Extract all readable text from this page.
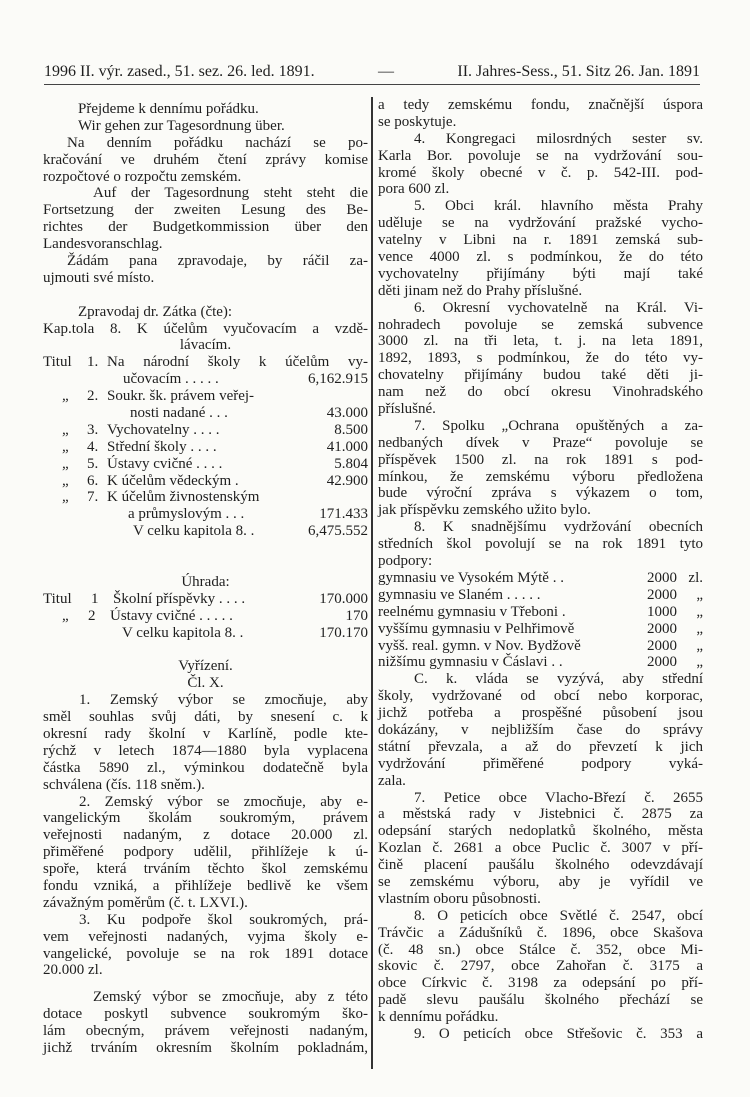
1996 II. výr. zased., 51. sez. 26. led. 1891.	—	II. Jahres-Sess., 51. Sitz 26. Jan. 1891
Přejdeme k dennímu pořádku.
Wir gehen zur Tagesordnung über.
Na denním pořádku nachází se po-
kračování ve druhém čtení zprávy komise
rozpočtové o rozpočtu zemském.
Auf der Tagesordnung steht steht die
Fortsetzung der zweiten Lesung des Be-
richtes der Budgetkommission über den
Landesvoranschlag.
Žádám pana zpravodaje, by ráčil za-
ujmouti své místo.
Zpravodaj dr. Zátka (čte):
Kap.tola 8. K účelům vyučovacím a vzdě-
lávacím.
Titul	1. Na národní školy k účelům vy-
učovacím . . . . .	6,162.915
„	2. Soukr. šk. právem veřej-
nosti nadané . . .	43.000
„	3. Vychovatelny . . . .	8.500
„	4. Střední školy . . . .	41.000
„	5. Ústavy cvičné . . . .	5.804
„	6. K účelům vědeckým .	42.900
„	7. K účelům živnostenským
a průmyslovým . . .	171.433
V celku kapitola 8. .	6,475.552
Úhrada:
Titul	1 Školní příspěvky . . . .	170.000
„	2 Ústavy cvičné . . . . .	170
V celku kapitola 8. .	170.170
Vyřízení.
Čl. X.
1. Zemský výbor se zmocňuje, aby
směl souhlas svůj dáti, by snesení c. k
okresní rady školní v Karlíně, podle kte-
rýchž v letech 1874—1880 byla vyplacena
částka 5890 zl., výminkou dodatečně byla
schválena (čís. 118 sněm.).
2. Zemský výbor se zmocňuje, aby e-
vangelickým školám soukromým, právem
veřejnosti nadaným, z dotace 20.000 zl.
přiměřené podpory udělil, přihlížeje k ú-
spoře, která trváním těchto škol zemskému
fondu vzniká, a přihlížeje bedlivě ke všem
závažným poměrům (č. t. LXVI.).
3. Ku podpoře škol soukromých, prá-
vem veřejnosti nadaných, vyjma školy e-
vangelické, povoluje se na rok 1891 dotace
20.000 zl.
Zemský výbor se zmocňuje, aby z této
dotace poskytl subvence soukromým ško-
lám obecným, právem veřejnosti nadaným,
jichž trváním okresním školním pokladnám,
a tedy zemskému fondu, značnější úspora
se poskytuje.
4. Kongregaci milosrdných sester sv.
Karla Bor. povoluje se na vydržování sou-
kromé školy obecné v č. p. 542-III. pod-
pora 600 zl.
5. Obci král. hlavního města Prahy
uděluje se na vydržování pražské vycho-
vatelny v Libni na r. 1891 zemská sub-
vence 4000 zl. s podmínkou, že do této
vychovatelny přijímány býti mají také
děti jinam než do Prahy příslušné.
6. Okresní vychovatelně na Král. Vi-
nohradech povoluje se zemská subvence
3000 zl. na tři leta, t. j. na leta 1891,
1892, 1893, s podmínkou, že do této vy-
chovatelny přijímány budou také děti ji-
nam než do obcí okresu Vinohradského
příslušné.
7. Spolku „Ochrana opuštěných a za-
nedbaných dívek v Praze“ povoluje se
příspěvek 1500 zl. na rok 1891 s pod-
mínkou, že zemskému výboru předložena
bude výroční zpráva s výkazem o tom,
jak příspěvku zemského užito bylo.
8. K snadnějšímu vydržování obecních
středních škol povolují se na rok 1891 tyto
podpory:
gymnasiu ve Vysokém Mýtě . .	2000 zl.
gymnasiu ve Slaném . . . . .	2000	„
reelnému gymnasiu v Třeboni .	1000	„
vyššímu gymnasiu v Pelhřimově	2000	„
vyšš. real. gymn. v Nov. Bydžově	2000	„
nižšímu gymnasiu v Čáslavi . .	2000	„
C. k. vláda se vyzývá, aby střední
školy, vydržované od obcí nebo korporac,
jichž potřeba a prospěšné působení jsou
dokázány, v nejbližším čase do správy
státní převzala, a až do převzetí k jich
vydržování přiměřené podpory vyká-
zala.
7. Petice obce Vlacho-Březí č. 2655
a městská rady v Jistebnici č. 2875 za
odepsání starých nedoplatků školného, města
Kozlan č. 2681 a obce Puclic č. 3007 v pří-
čině placení paušálu školného odevzdávají
se zemskému výboru, aby je vyřídil ve
vlastním oboru působnosti.
8. O peticích obce Světlé č. 2547, obcí
Trávčic a Zádušníků č. 1896, obce Skašova
(č. 48 sn.) obce Stálce č. 352, obce Mi-
skovic č. 2797, obce Zahořan č. 3175 a
obce Církvic č. 3198 za odepsání po pří-
padě slevu paušálu školného přechází se
k dennímu pořádku.
9. O peticích obce Střešovic č. 353 a
